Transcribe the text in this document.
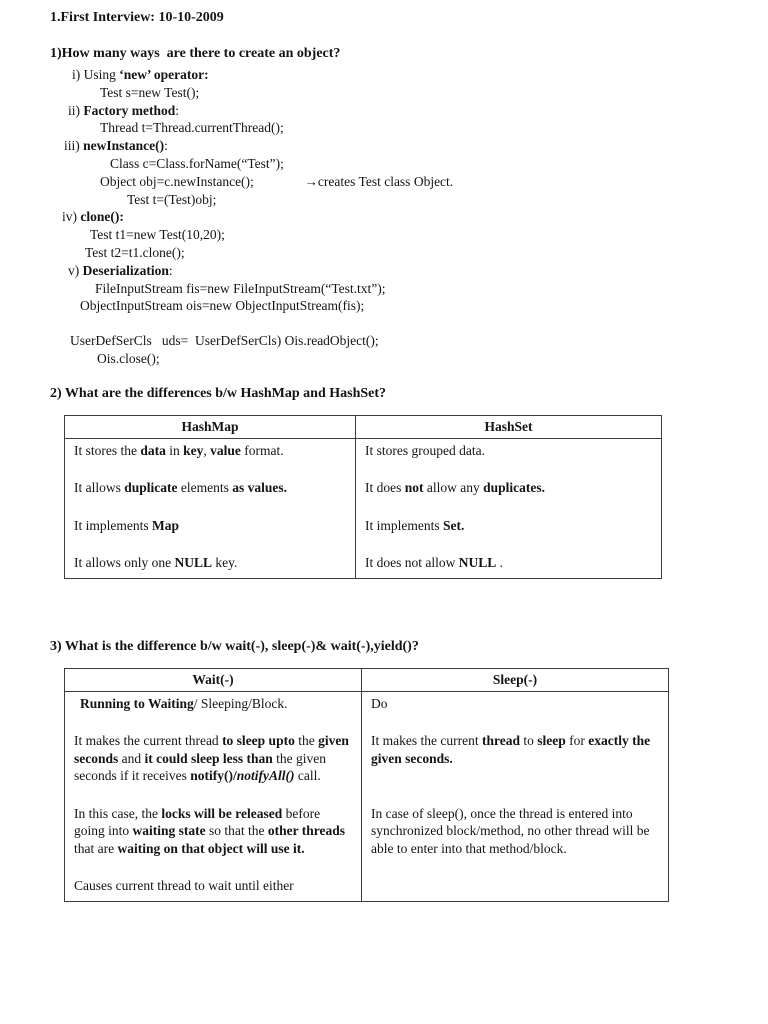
1.First Interview: 10-10-2009
1)How many ways  are there to create an object?
i) Using ‘new’ operator:
Test s=new Test();
ii) Factory method:
Thread t=Thread.currentThread();
iii) newInstance():
Class c=Class.forName(“Test”);
Object obj=c.newInstance();               →creates Test class Object.
Test t=(Test)obj;
iv) clone():
Test t1=new Test(10,20);
Test t2=t1.clone();
v) Deserialization:
FileInputStream fis=new FileInputStream(“Test.txt”);
ObjectInputStream ois=new ObjectInputStream(fis);
UserDefSerCls   uds=  UserDefSerCls) Ois.readObject();
Ois.close();
2) What are the differences b/w HashMap and HashSet?
HashMap	HashSet

It stores the data in key, value format.	It stores grouped data.

It allows duplicate elements as values.	It does not allow any duplicates.

It implements Map	It implements Set.

It allows only one NULL key.	It does not allow NULL .
3) What is the difference b/w wait(-), sleep(-)& wait(-),yield()?
Wait(-)	Sleep(-)

Running to Waiting/ Sleeping/Block.	Do

It makes the current thread to sleep upto the given seconds and it could sleep less than the given seconds if it receives notify()/notifyAll() call.	It makes the current thread to sleep for exactly the given seconds.

In this case, the locks will be released before going into waiting state so that the other threads that are waiting on that object will use it.	In case of sleep(), once the thread is entered into synchronized block/method, no other thread will be able to enter into that method/block.

Causes current thread to wait until either	
